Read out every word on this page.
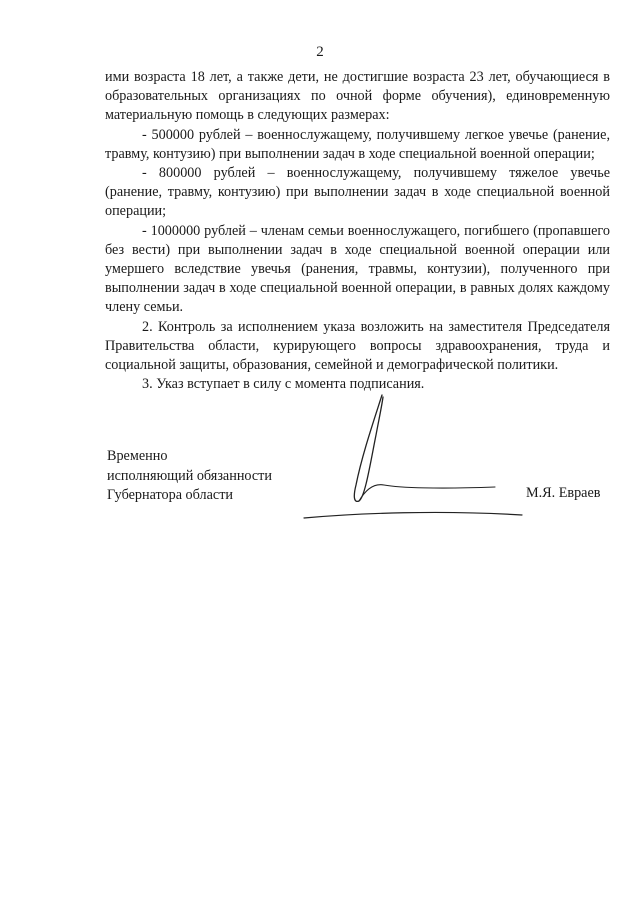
2

ими возраста 18 лет, а также дети, не достигшие возраста 23 лет, обучающиеся в образовательных организациях по очной форме обучения), единовременную материальную помощь в следующих размерах:

- 500000 рублей – военнослужащему, получившему легкое увечье (ранение, травму, контузию) при выполнении задач в ходе специальной военной операции;

- 800000 рублей – военнослужащему, получившему тяжелое увечье (ранение, травму, контузию) при выполнении задач в ходе специальной военной операции;

- 1000000 рублей – членам семьи военнослужащего, погибшего (пропавшего без вести) при выполнении задач в ходе специальной военной операции или умершего вследствие увечья (ранения, травмы, контузии), полученного при выполнении задач в ходе специальной военной операции, в равных долях каждому члену семьи.

2. Контроль за исполнением указа возложить на заместителя Председателя Правительства области, курирующего вопросы здравоохранения, труда и социальной защиты, образования, семейной и демографической политики.

3. Указ вступает в силу с момента подписания.

Временно
исполняющий обязанности
Губернатора области	М.Я. Евраев
